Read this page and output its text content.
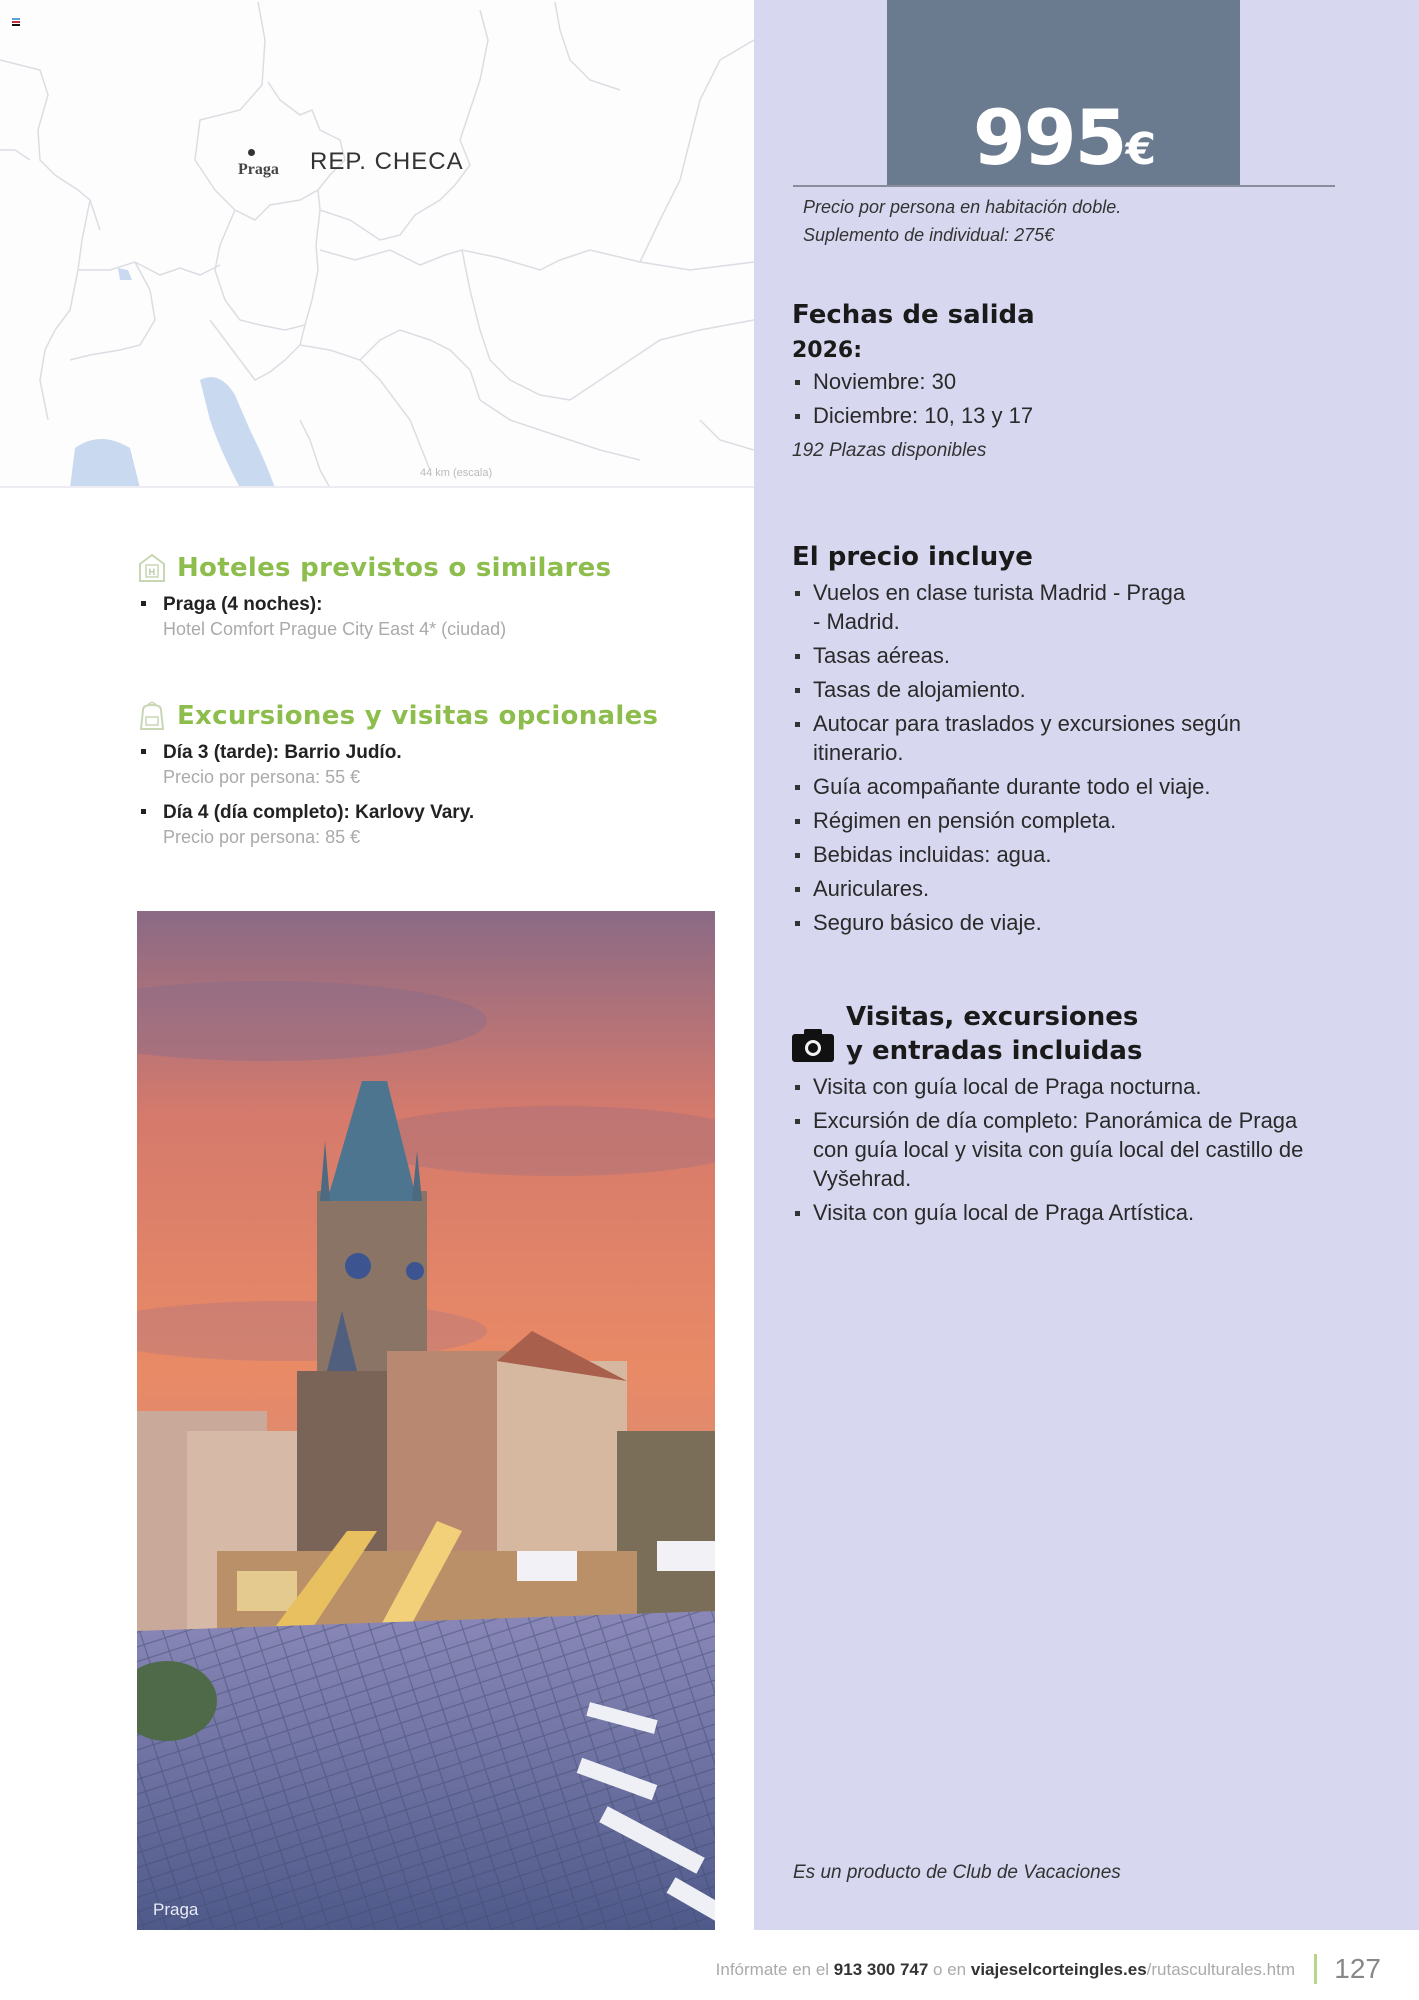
Praga REP. CHECA
44 km (escala)
H Hoteles previstos o similares
Praga (4 noches):
Hotel Comfort Prague City East 4* (ciudad)
Excursiones y visitas opcionales
Día 3 (tarde): Barrio Judío.
Precio por persona: 55 €
Día 4 (día completo): Karlovy Vary.
Precio por persona: 85 €
Praga
995€
Precio por persona en habitación doble.
Suplemento de individual: 275€
Fechas de salida
2026:
Noviembre: 30
Diciembre: 10, 13 y 17
192 Plazas disponibles
El precio incluye
Vuelos en clase turista Madrid - Praga - Madrid.
Tasas aéreas.
Tasas de alojamiento.
Autocar para traslados y excursiones según itinerario.
Guía acompañante durante todo el viaje.
Régimen en pensión completa.
Bebidas incluidas: agua.
Auriculares.
Seguro básico de viaje.
Visitas, excursiones
y entradas incluidas
Visita con guía local de Praga nocturna.
Excursión de día completo: Panorámica de Praga con guía local y visita con guía local del castillo de Vyšehrad.
Visita con guía local de Praga Artística.
Es un producto de Club de Vacaciones
Infórmate en el 913 300 747 o en viajeselcorteingles.es/rutasculturales.htm 127
